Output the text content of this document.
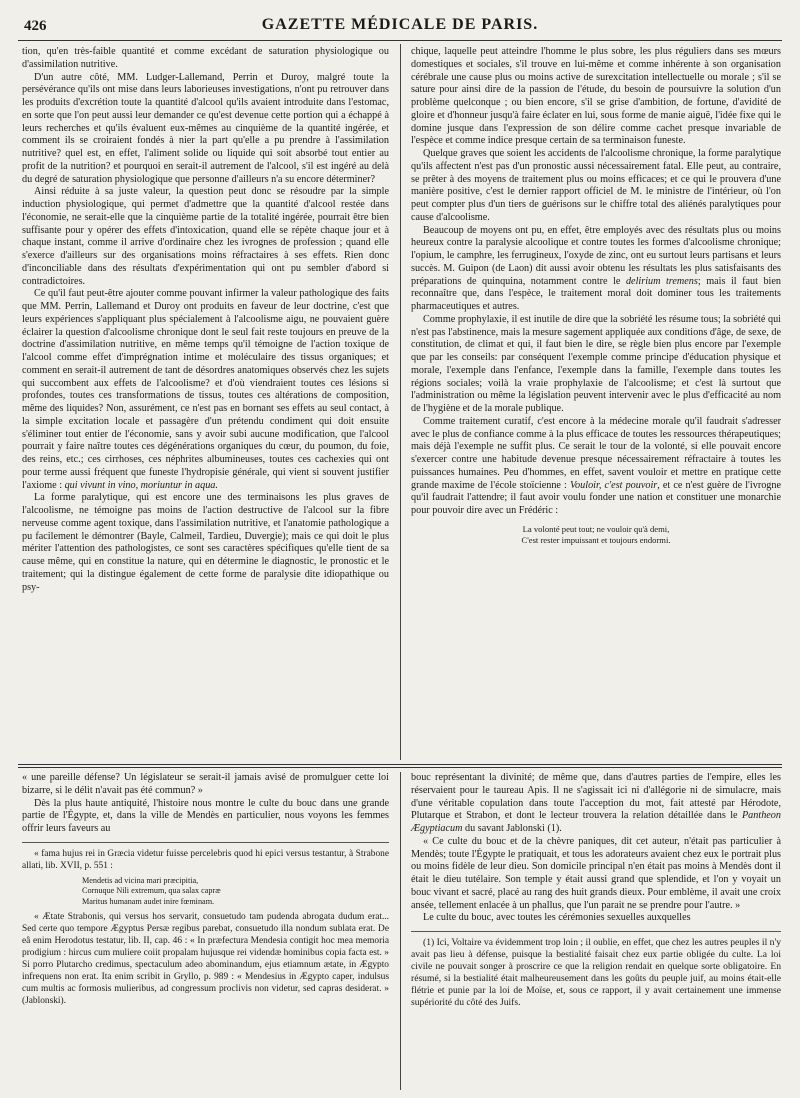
426	GAZETTE MÉDICALE DE PARIS.

tion, qu'en très-faible quantité et comme excédant de saturation physiologique ou d'assimilation nutritive.

D'un autre côté, MM. Ludger-Lallemand, Perrin et Duroy, malgré toute la persévérance qu'ils ont mise dans leurs laborieuses investigations, n'ont pu retrouver dans les produits d'excrétion toute la quantité d'alcool qu'ils avaient introduite dans l'estomac, en sorte que l'on peut aussi leur demander ce qu'est devenue cette portion qui a échappé à leurs recherches et qu'ils évaluent eux-mêmes au cinquième de la quantité ingérée, et comment ils se croiraient fondés à nier la part qu'elle a pu prendre à l'assimilation nutritive? quel est, en effet, l'aliment solide ou liquide qui soit absorbé tout entier au profit de la nutrition? et pourquoi en serait-il autrement de l'alcool, s'il est ingéré au delà du degré de saturation physiologique que personne d'ailleurs n'a su encore déterminer?

Ainsi réduite à sa juste valeur, la question peut donc se résoudre par la simple induction physiologique, qui permet d'admettre que la quantité d'alcool restée dans l'économie, ne serait-elle que la cinquième partie de la totalité ingérée, pourrait être bien suffisante pour y opérer des effets d'intoxication, quand elle se répète chaque jour et à chaque instant, comme il arrive d'ordinaire chez les ivrognes de profession ; quand elle s'exerce d'ailleurs sur des organisations moins réfractaires à ses effets. Rien donc d'inconciliable dans des résultats d'expérimentation qui ont pu sembler d'abord si contradictoires.

Ce qu'il faut peut-être ajouter comme pouvant infirmer la valeur pathologique des faits que MM. Perrin, Lallemand et Duroy ont produits en faveur de leur doctrine, c'est que leurs expériences s'appliquant plus spécialement à l'alcoolisme aigu, ne pouvaient guère éclairer la question d'alcoolisme chronique dont le seul fait reste toujours en preuve de la doctrine d'assimilation nutritive, en même temps qu'il témoigne de l'action toxique de l'alcool comme effet d'imprégnation intime et moléculaire des tissus organiques; et comment en serait-il autrement de tant de désordres anatomiques observés chez les sujets qui succombent aux effets de l'alcoolisme? et d'où viendraient toutes ces lésions si profondes, toutes ces transformations de tissus, toutes ces altérations de composition, même des liquides? Non, assurément, ce n'est pas en bornant ses effets au seul contact, à la simple excitation locale et passagère d'un prétendu condiment qui doit ensuite s'éliminer tout entier de l'économie, sans y avoir subi aucune modification, que l'alcool pourrait y faire naître toutes ces dégénérations organiques du cœur, du poumon, du foie, des reins, etc.; ces cirrhoses, ces néphrites albumineuses, toutes ces cachexies qui ont pour terme aussi fréquent que funeste l'hydropisie générale, qui vient si souvent justifier l'axiome : qui vivunt in vino, moriuntur in aqua.

La forme paralytique, qui est encore une des terminaisons les plus graves de l'alcoolisme, ne témoigne pas moins de l'action destructive de l'alcool sur la fibre nerveuse comme agent toxique, dans l'assimilation nutritive, et l'anatomie pathologique a pu facilement le démontrer (Bayle, Calmeil, Tardieu, Duvergie); mais ce qui doit le plus mériter l'attention des pathologistes, ce sont ses caractères spécifiques qu'elle tient de sa cause même, qui en constitue la nature, qui en détermine le diagnostic, le pronostic et le traitement; qui la distingue également de cette forme de paralysie dite idiopathique ou psy-

chique, laquelle peut atteindre l'homme le plus sobre, les plus réguliers dans ses mœurs domestiques et sociales, s'il trouve en lui-même et comme inhérente à son organisation cérébrale une cause plus ou moins active de surexcitation intellectuelle ou morale ; s'il se sature pour ainsi dire de la passion de l'étude, du besoin de poursuivre la solution d'un problème quelconque ; ou bien encore, s'il se grise d'ambition, de fortune, d'avidité de gloire et d'honneur jusqu'à faire éclater en lui, sous forme de manie aiguë, l'idée fixe qui le domine jusque dans l'expression de son délire comme cachet presque invariable de l'espèce et comme indice presque certain de sa terminaison funeste.

Quelque graves que soient les accidents de l'alcoolisme chronique, la forme paralytique qu'ils affectent n'est pas d'un pronostic aussi nécessairement fatal. Elle peut, au contraire, se prêter à des moyens de traitement plus ou moins efficaces; et ce qui le prouvera d'une manière positive, c'est le dernier rapport officiel de M. le ministre de l'intérieur, où l'on peut compter plus d'un tiers de guérisons sur le chiffre total des aliénés paralytiques pour cause d'alcoolisme.

Beaucoup de moyens ont pu, en effet, être employés avec des résultats plus ou moins heureux contre la paralysie alcoolique et contre toutes les formes d'alcoolisme chronique; l'opium, le camphre, les ferrugineux, l'oxyde de zinc, ont eu surtout leurs partisans et leurs succès. M. Guipon (de Laon) dit aussi avoir obtenu les résultats les plus satisfaisants des préparations de quinquina, notamment contre le delirium tremens; mais il faut bien reconnaître que, dans l'espèce, le traitement moral doit dominer tous les traitements pharmaceutiques et autres.

Comme prophylaxie, il est inutile de dire que la sobriété les résume tous; la sobriété qui n'est pas l'abstinence, mais la mesure sagement appliquée aux conditions d'âge, de sexe, de constitution, de climat et qui, il faut bien le dire, se règle bien plus encore par l'exemple que par les conseils: par conséquent l'exemple comme principe d'éducation physique et morale, l'exemple dans l'enfance, l'exemple dans la famille, l'exemple dans toutes les régions sociales; voilà la vraie prophylaxie de l'alcoolisme; et c'est là surtout que l'administration ou même la législation peuvent intervenir avec le plus d'efficacité au nom de l'hygiène et de la morale publique.

Comme traitement curatif, c'est encore à la médecine morale qu'il faudrait s'adresser avec le plus de confiance comme à la plus efficace de toutes les ressources thérapeutiques; mais déjà l'exemple ne suffit plus. Ce serait le tour de la volonté, si elle pouvait encore s'exercer contre une habitude devenue presque nécessairement réfractaire à toutes les puissances humaines. Peu d'hommes, en effet, savent vouloir et mettre en pratique cette grande maxime de l'école stoïcienne : Vouloir, c'est pouvoir, et ce n'est guère de l'ivrogne qu'il faudrait l'attendre; il faut avoir voulu fonder une nation et constituer une monarchie pour pouvoir dire avec un Frédéric :

La volonté peut tout; ne vouloir qu'à demi,
C'est rester impuissant et toujours endormi.

« une pareille défense? Un législateur se serait-il jamais avisé de promulguer cette loi bizarre, si le délit n'avait pas été commun? »

Dès la plus haute antiquité, l'histoire nous montre le culte du bouc dans une grande partie de l'Égypte, et, dans la ville de Mendès en particulier, nous voyons les femmes offrir leurs faveurs au

« fama hujus rei in Græcia videtur fuisse percelebris quod hi epici versus testantur, à Strabone allati, lib. XVII, p. 551 :

Mendetis ad vicina mari præcipitia,
Cornuque Nili extremum, qua salax capræ
Maritus humanam audet inire fœminam.

« Ætate Strabonis, qui versus hos servarit, consuetudo tam pudenda abrogata dudum erat... Sed certe quo tempore Ægyptus Persæ regibus parebat, consuetudo illa nondum sublata erat. De eâ enim Herodotus testatur, lib. II, cap. 46 : « In præfectura Mendesia contigit hoc mea memoria prodigium : hircus cum muliere coiit propalam hujusque rei videndæ hominibus copia facta est. » Si porro Plutarcho credimus, spectaculum adeo abominandum, ejus etiamnum ætate, in Ægypto infrequens non erat. Ita enim scribit in Gryllo, p. 989 : « Mendesius in Ægypto caper, indulsus cum multis ac formosis mulieribus, ad congressum proclivis non videtur, sed capras desiderat. » (Jablonski).

bouc représentant la divinité; de même que, dans d'autres parties de l'empire, elles les réservaient pour le taureau Apis. Il ne s'agissait ici ni d'allégorie ni de simulacre, mais d'une véritable copulation dans toute l'acception du mot, fait attesté par Hérodote, Plutarque et Strabon, et dont le lecteur trouvera la relation détaillée dans le Pantheon Ægyptiacum du savant Jablonski (1).

« Ce culte du bouc et de la chèvre paniques, dit cet auteur, n'était pas particulier à Mendès; toute l'Égypte le pratiquait, et tous les adorateurs avaient chez eux le portrait plus ou moins fidèle de leur dieu. Son domicile principal n'en était pas moins à Mendès dont il était le dieu tutélaire. Son temple y était aussi grand que splendide, et l'on y voyait un bouc vivant et sacré, placé au rang des huit grands dieux. Pour emblème, il avait une croix ansée, tellement enlacée à un phallus, que l'un parait ne se prendre pour l'autre. »

Le culte du bouc, avec toutes les cérémonies sexuelles auxquelles

(1) Ici, Voltaire va évidemment trop loin ; il oublie, en effet, que chez les autres peuples il n'y avait pas lieu à défense, puisque la bestialité faisait chez eux partie obligée du culte. La loi civile ne pouvait songer à proscrire ce que la religion rendait en quelque sorte obligatoire. En résumé, si la bestialité était malheureusement dans les goûts du peuple juif, au moins était-elle flétrie et punie par la loi de Moïse, et, sous ce rapport, il y avait certainement une immense supériorité du côté des Juifs.
